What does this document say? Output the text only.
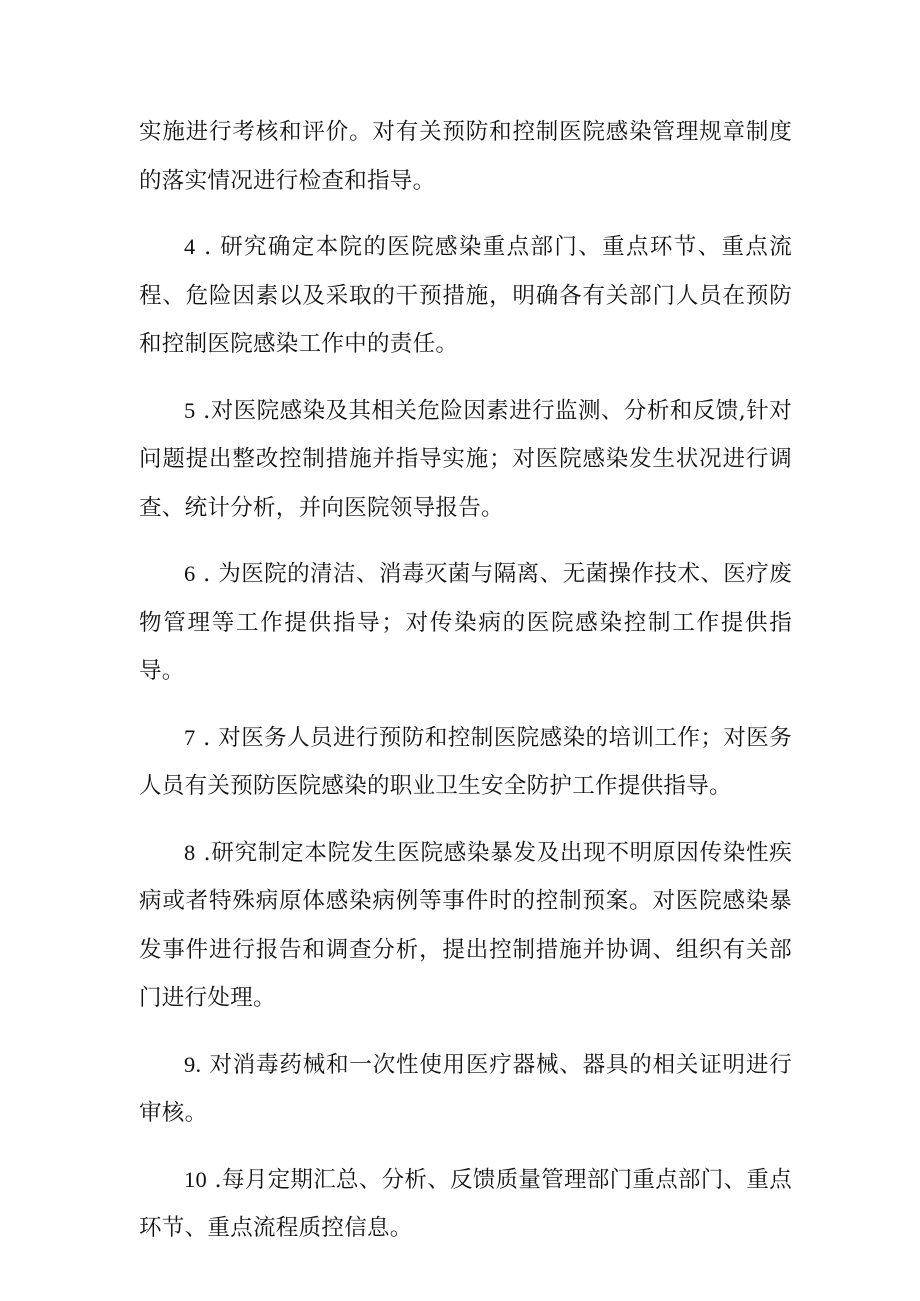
实施进行考核和评价。对有关预防和控制医院感染管理规章制度的落实情况进行检查和指导。

4 . 研究确定本院的医院感染重点部门、重点环节、重点流程、危险因素以及采取的干预措施，明确各有关部门人员在预防和控制医院感染工作中的责任。

5 .对医院感染及其相关危险因素进行监测、分析和反馈,针对问题提出整改控制措施并指导实施；对医院感染发生状况进行调查、统计分析，并向医院领导报告。

6 . 为医院的清洁、消毒灭菌与隔离、无菌操作技术、医疗废物管理等工作提供指导；对传染病的医院感染控制工作提供指导。

7 . 对医务人员进行预防和控制医院感染的培训工作；对医务人员有关预防医院感染的职业卫生安全防护工作提供指导。

8 .研究制定本院发生医院感染暴发及出现不明原因传染性疾病或者特殊病原体感染病例等事件时的控制预案。对医院感染暴发事件进行报告和调查分析，提出控制措施并协调、组织有关部门进行处理。

9. 对消毒药械和一次性使用医疗器械、器具的相关证明进行审核。

10 .每月定期汇总、分析、反馈质量管理部门重点部门、重点环节、重点流程质控信息。
